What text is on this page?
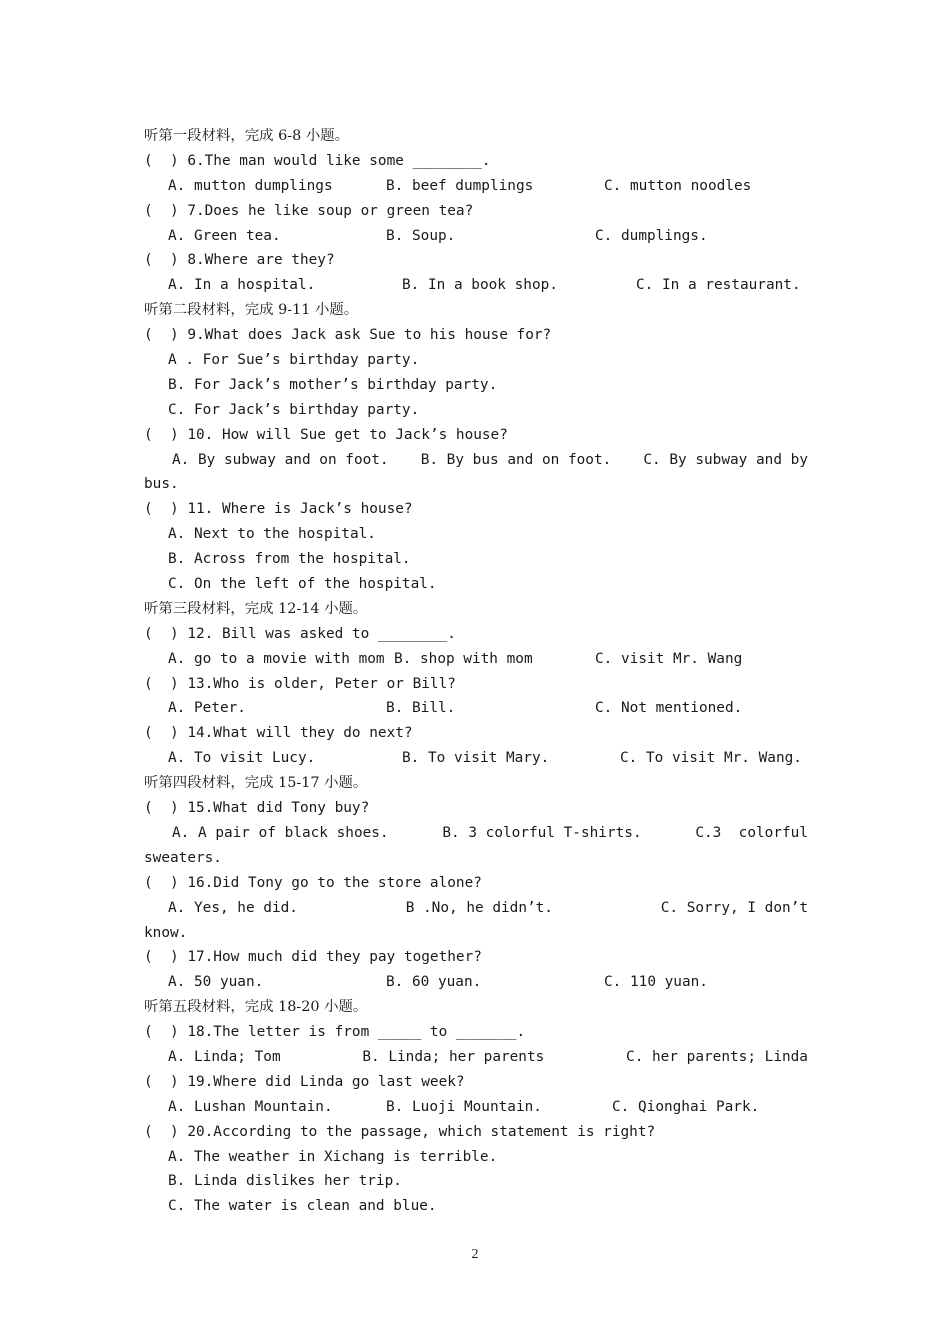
听第一段材料，完成 6-8 小题。
(  ) 6.The man would like some ________.
A. mutton dumplings	B. beef dumplings	C. mutton noodles
(  ) 7.Does he like soup or green tea?
A. Green tea.	B. Soup.	C. dumplings.
(  ) 8.Where are they?
A. In a hospital.	B. In a book shop.	C. In a restaurant.
听第二段材料，完成 9-11 小题。
(  ) 9.What does Jack ask Sue to his house for?
A . For Sue’s birthday party.
B. For Jack’s mother’s birthday party.
C. For Jack’s birthday party.
(  ) 10. How will Sue get to Jack’s house?
A. By subway and on foot. B. By bus and on foot. C. By subway and by
bus.
(  ) 11. Where is Jack’s house?
A. Next to the hospital.
B. Across from the hospital.
C. On the left of the hospital.
听第三段材料，完成 12-14 小题。
(  ) 12. Bill was asked to ________.
A. go to a movie with mom B. shop with mom	C. visit Mr. Wang
(  ) 13.Who is older, Peter or Bill?
A. Peter.	B. Bill.	C. Not mentioned.
(  ) 14.What will they do next?
A. To visit Lucy.	B. To visit Mary.	C. To visit Mr. Wang.
听第四段材料，完成 15-17 小题。
(  ) 15.What did Tony buy?
A. A pair of black shoes.	B. 3 colorful T-shirts.	C.3  colorful
sweaters.
(  ) 16.Did Tony go to the store alone?
A. Yes, he did.	B .No, he didn’t.	C. Sorry, I don’t
know.
(  ) 17.How much did they pay together?
A. 50 yuan.	B. 60 yuan.	C. 110 yuan.
听第五段材料，完成 18-20 小题。
(  ) 18.The letter is from _____ to _______.
A. Linda; Tom	B. Linda; her parents	C. her parents; Linda
(  ) 19.Where did Linda go last week?
A. Lushan Mountain.	B. Luoji Mountain.	C. Qionghai Park.
(  ) 20.According to the passage, which statement is right?
A. The weather in Xichang is terrible.
B. Linda dislikes her trip.
C. The water is clean and blue.
2
